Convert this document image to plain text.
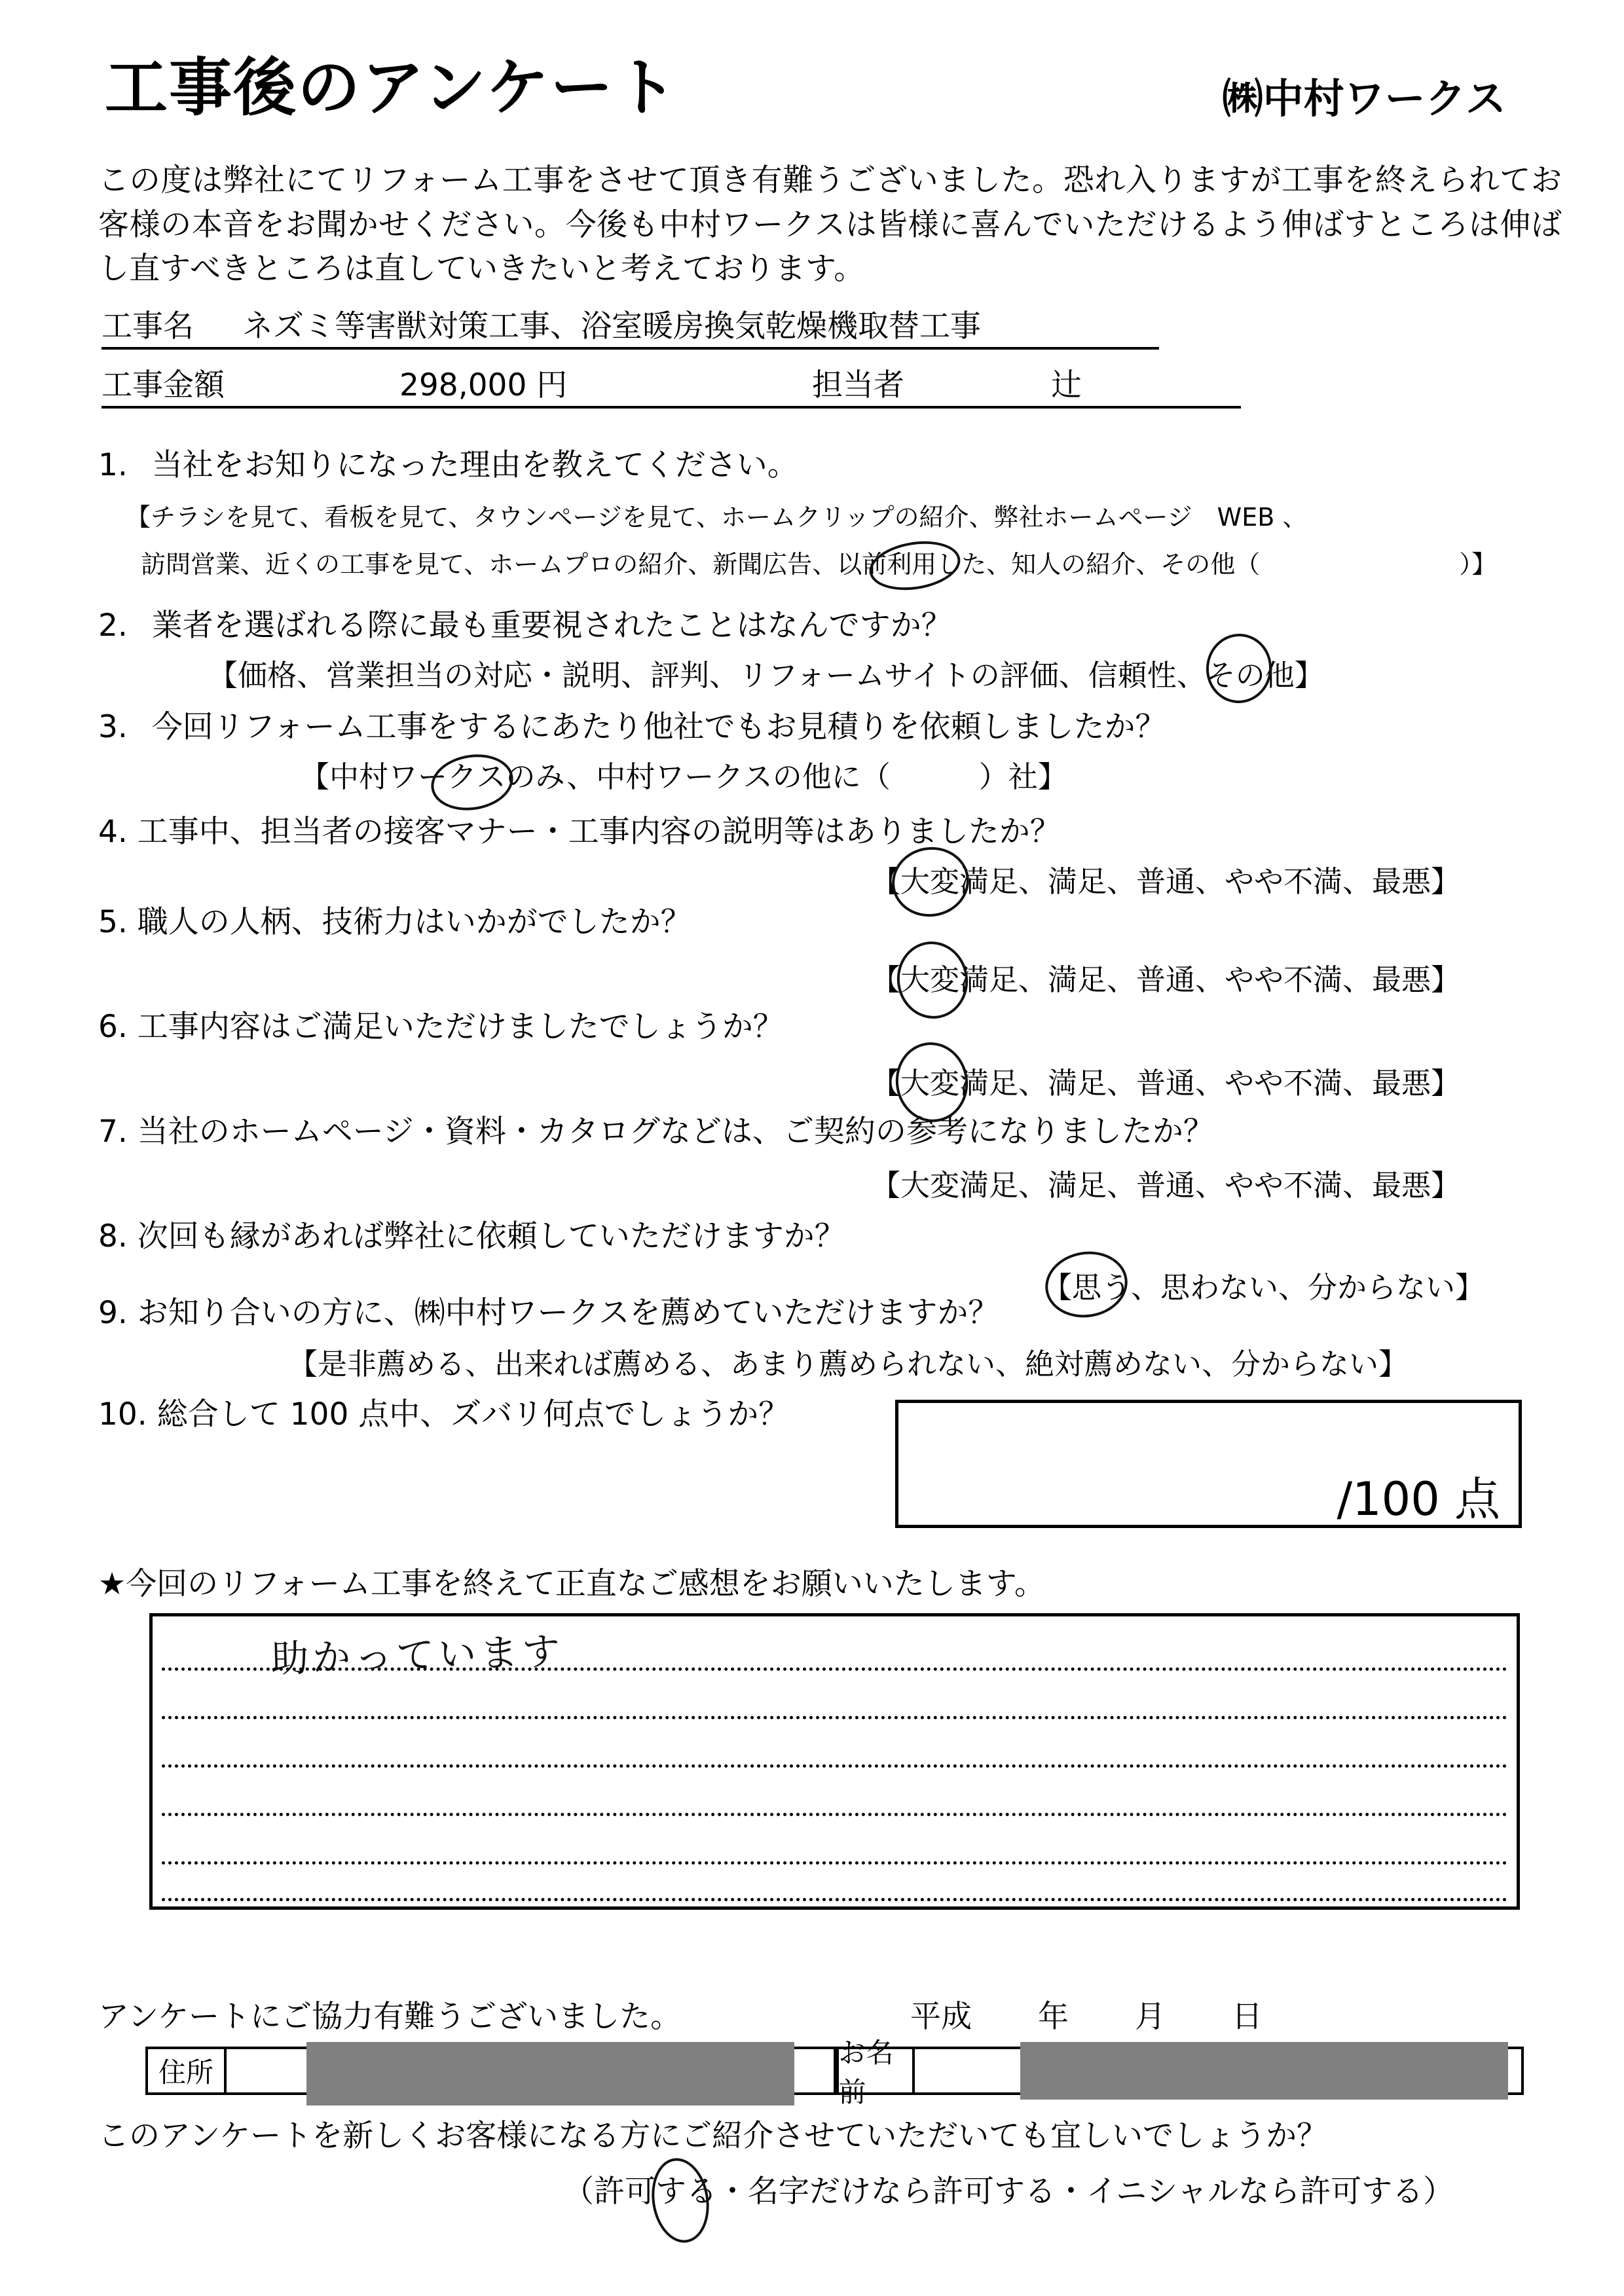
工事後のアンケート	㈱中村ワークス
この度は弊社にてリフォーム工事をさせて頂き有難うございました。恐れ入りますが工事を終えられてお客様の本音をお聞かせください。今後も中村ワークスは皆様に喜んでいただけるよう伸ばすところは伸ばし直すべきところは直していきたいと考えております。
工事名 ネズミ等害獣対策工事、浴室暖房換気乾燥機取替工事
工事金額	298,000 円	担当者	辻
1. 当社をお知りになった理由を教えてください。
【チラシを見て、看板を見て、タウンページを見て、ホームクリップの紹介、弊社ホームページ　WEB 、
訪問営業、近くの工事を見て、ホームプロの紹介、新聞広告、以前利用した、知人の紹介、その他（　　　　　　　　）】
2. 業者を選ばれる際に最も重要視されたことはなんですか？
【価格、営業担当の対応・説明、評判、リフォームサイトの評価、信頼性、その他】
3. 今回リフォーム工事をするにあたり他社でもお見積りを依頼しましたか？
【中村ワークスのみ、中村ワークスの他に（　　　）社】
4. 工事中、担当者の接客マナー・工事内容の説明等はありましたか？
【大変満足、満足、普通、やや不満、最悪】
5. 職人の人柄、技術力はいかがでしたか？
【大変満足、満足、普通、やや不満、最悪】
6. 工事内容はご満足いただけましたでしょうか？
【大変満足、満足、普通、やや不満、最悪】
7. 当社のホームページ・資料・カタログなどは、ご契約の参考になりましたか？
【大変満足、満足、普通、やや不満、最悪】
8. 次回も縁があれば弊社に依頼していただけますか？
【思う、思わない、分からない】
9. お知り合いの方に、㈱中村ワークスを薦めていただけますか？
【是非薦める、出来れば薦める、あまり薦められない、絶対薦めない、分からない】
10. 総合して 100 点中、ズバリ何点でしょうか？
/100 点
★今回のリフォーム工事を終えて正直なご感想をお願いいたします。
助かっています
アンケートにご協力有難うございました。	平成 年 月 日
住所
お名前
このアンケートを新しくお客様になる方にご紹介させていただいても宜しいでしょうか？
（許可する・名字だけなら許可する・イニシャルなら許可する）
